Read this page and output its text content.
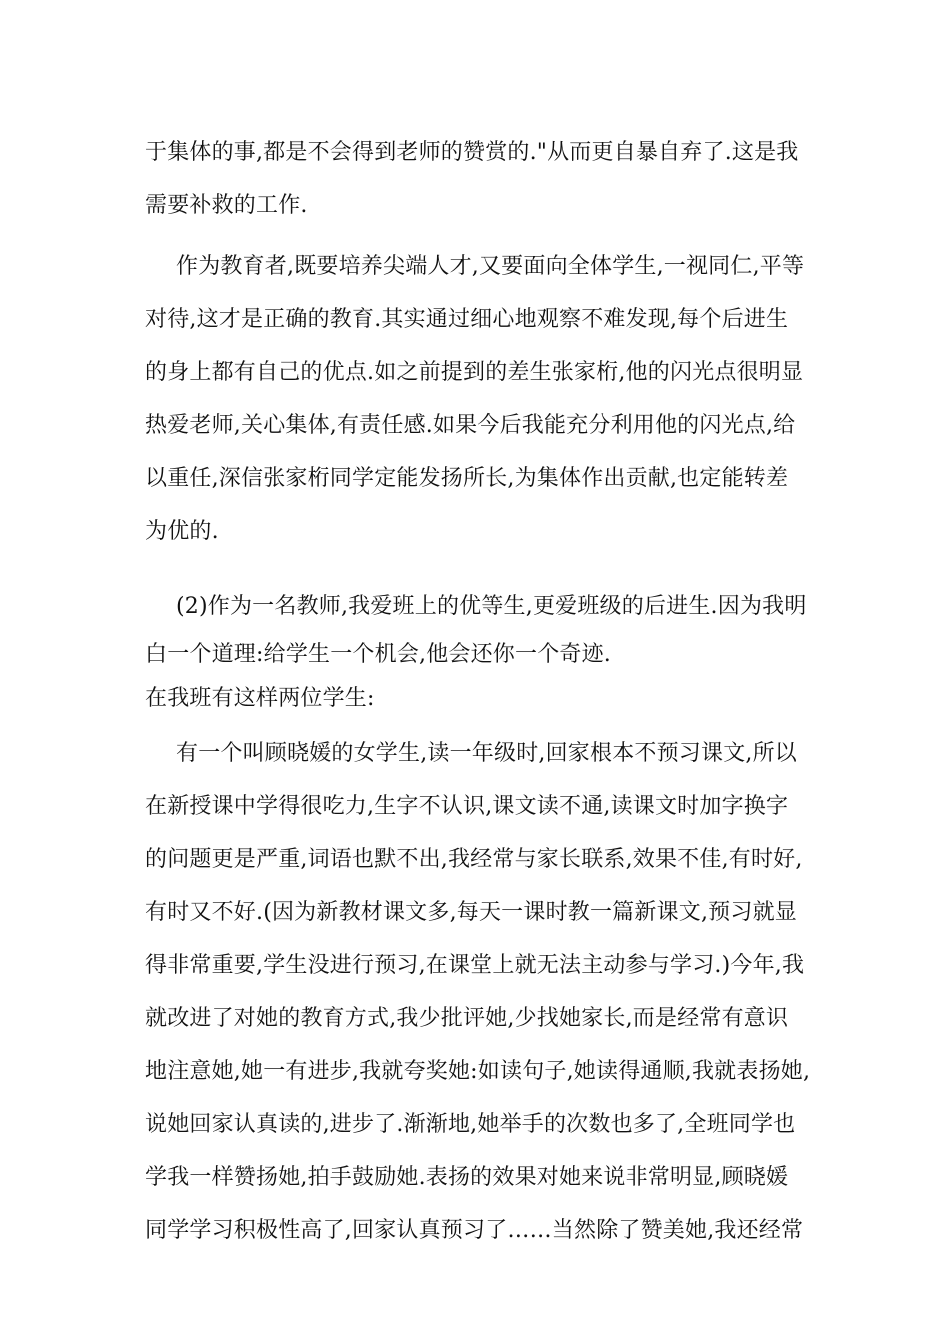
于集体的事,都是不会得到老师的赞赏的."从而更自暴自弃了.这是我
需要补救的工作.
作为教育者,既要培养尖端人才,又要面向全体学生,一视同仁,平等
对待,这才是正确的教育.其实通过细心地观察不难发现,每个后进生
的身上都有自己的优点.如之前提到的差生张家桁,他的闪光点很明显
热爱老师,关心集体,有责任感.如果今后我能充分利用他的闪光点,给
以重任,深信张家桁同学定能发扬所长,为集体作出贡献,也定能转差
为优的.
(2)作为一名教师,我爱班上的优等生,更爱班级的后进生.因为我明
白一个道理:给学生一个机会,他会还你一个奇迹.
在我班有这样两位学生:
有一个叫顾晓媛的女学生,读一年级时,回家根本不预习课文,所以
在新授课中学得很吃力,生字不认识,课文读不通,读课文时加字换字
的问题更是严重,词语也默不出,我经常与家长联系,效果不佳,有时好,
有时又不好.(因为新教材课文多,每天一课时教一篇新课文,预习就显
得非常重要,学生没进行预习,在课堂上就无法主动参与学习.)今年,我
就改进了对她的教育方式,我少批评她,少找她家长,而是经常有意识
地注意她,她一有进步,我就夸奖她:如读句子,她读得通顺,我就表扬她,
说她回家认真读的,进步了.渐渐地,她举手的次数也多了,全班同学也
学我一样赞扬她,拍手鼓励她.表扬的效果对她来说非常明显,顾晓媛
同学学习积极性高了,回家认真预习了……当然除了赞美她,我还经常
